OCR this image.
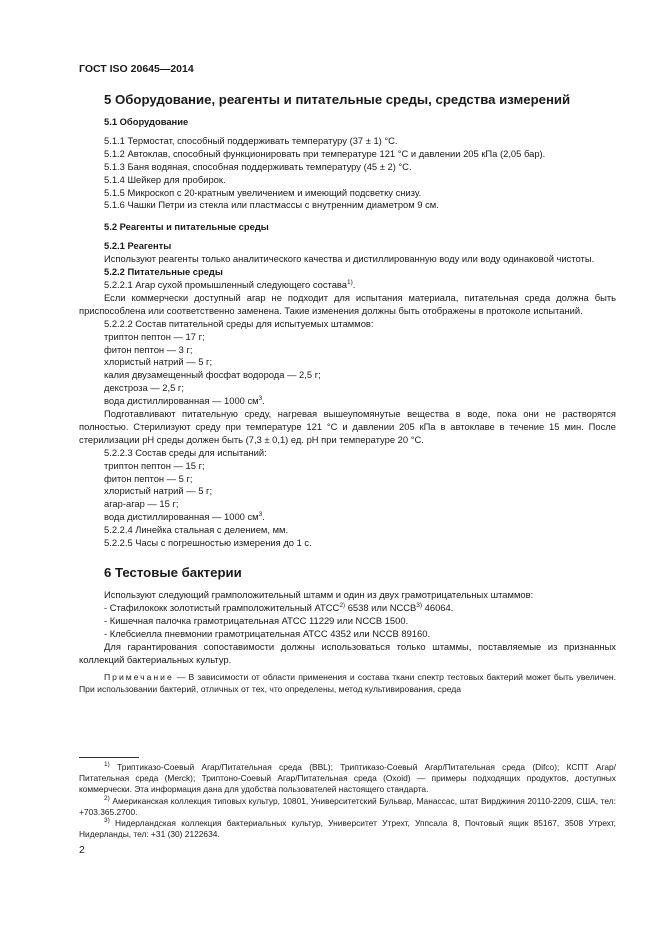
ГОСТ ISO 20645—2014
5 Оборудование, реагенты и питательные среды, средства измерений
5.1 Оборудование

5.1.1 Термостат, способный поддерживать температуру (37 ± 1) °С.

5.1.2 Автоклав, способный функционировать при температуре 121 °С и давлении 205 кПа (2,05 бар).

5.1.3 Баня водяная, способная поддерживать температуру (45 ± 2) °С.

5.1.4 Шейкер для пробирок.

5.1.5 Микроскоп с 20-кратным увеличением и имеющий подсветку снизу.

5.1.6 Чашки Петри из стекла или пластмассы с внутренним диаметром 9 см.

5.2 Реагенты и питательные среды

5.2.1 Реагенты

Используют реагенты только аналитического качества и дистиллированную воду или воду одинаковой чистоты.

5.2.2 Питательные среды

5.2.2.1 Агар сухой промышленный следующего состава$^{1)}$.

Если коммерчески доступный агар не подходит для испытания материала, питательная среда должна быть приспособлена или соответственно заменена. Такие изменения должны быть отображены в протоколе испытаний.

5.2.2.2 Состав питательной среды для испытуемых штаммов:

триптон пептон — 17 г;

фитон пептон — 3 г;

хлористый натрий — 5 г;

калия двузамещенный фосфат водорода — 2,5 г;

декстроза — 2,5 г;

вода дистиллированная — 1000 $см^3$.

Подготавливают питательную среду, нагревая вышеупомянутые вещества в воде, пока они не растворятся полностью. Стерилизуют среду при температуре 121 °С и давлении 205 кПа в автоклаве в течение 15 мин. После стерилизации pH среды должен быть (7,3 ± 0,1) ед. pH при температуре 20 °С.

5.2.2.3 Состав среды для испытаний:

триптон пептон — 15 г;

фитон пептон — 5 г;

хлористый натрий — 5 г;

агар-агар — 15 г;

вода дистиллированная — 1000 $см^3$.

5.2.2.4 Линейка стальная с делением, мм.

5.2.2.5 Часы с погрешностью измерения до 1 с.

6 Тестовые бактерии

Используют следующий грамположительный штамм и один из двух грамотрицательных штаммов:

- Стафилококк золотистый грамположительный АТСС$^{2)}$ 6538 или NCCB$^{3)}$ 46064.

- Кишечная палочка грамотрицательная АТСС 11229 или NCCB 1500.

- Клебсиелла пневмонии грамотрицательная АТСС 4352 или NCCB 89160.

Для гарантирования сопоставимости должны использоваться только штаммы, поставляемые из признанных коллекций бактериальных культур.

Примечание — В зависимости от области применения и состава ткани спектр тестовых бактерий может быть увеличен. При использовании бактерий, отличных от тех, что определены, метод культивирования, среда

$^{1)}$ Триптиказо-Соевый Агар/Питательная среда (BBL); Триптиказо-Соевый Агар/Питательная среда (Difco); КСПТ Агар/Питательная среда (Merck); Триптоно-Соевый Агар/Питательная среда (Oxoid) — примеры подходящих продуктов, доступных коммерчески. Эта информация дана для удобства пользователей настоящего стандарта.

$^{2)}$ Американская коллекция типовых культур, 10801, Университетский Бульвар, Манассас, штат Вирджиния 20110-2209, США, тел: +703.365.2700.

$^{3)}$ Нидерландская коллекция бактериальных культур, Университет Утрехт, Уппсала 8, Почтовый ящик 85167, 3508 Утрехт, Нидерланды, тел: +31 (30) 2122634.

2
